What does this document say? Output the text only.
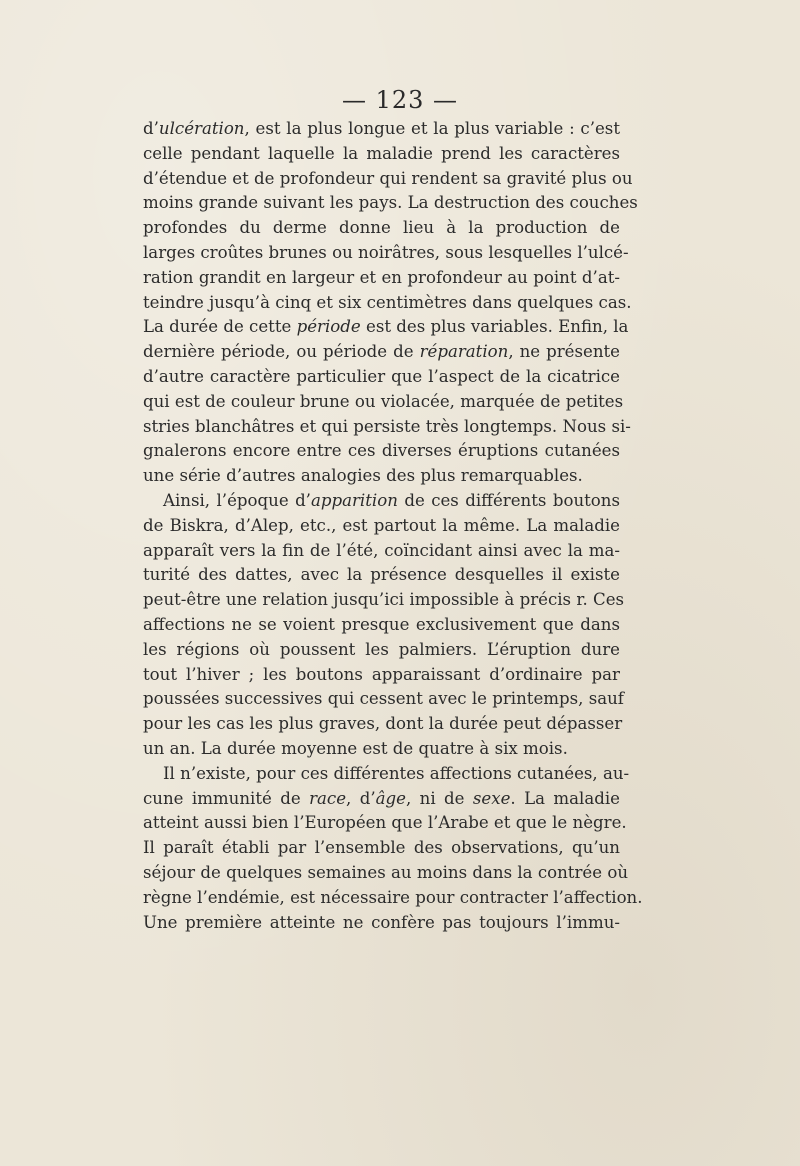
— 123 —
d’ulcération, est la plus longue et la plus variable : c’est
celle pendant laquelle la maladie prend les caractères
d’étendue et de profondeur qui rendent sa gravité plus ou
moins grande suivant les pays. La destruction des couches
profondes du derme donne lieu à la production de
larges croûtes brunes ou noirâtres, sous lesquelles l’ulcé-
ration grandit en largeur et en profondeur au point d’at-
teindre jusqu’à cinq et six centimètres dans quelques cas.
La durée de cette période est des plus variables. Enfin, la
dernière période, ou période de réparation, ne présente
d’autre caractère particulier que l’aspect de la cicatrice
qui est de couleur brune ou violacée, marquée de petites
stries blanchâtres et qui persiste très longtemps. Nous si-
gnalerons encore entre ces diverses éruptions cutanées
une série d’autres analogies des plus remarquables.
Ainsi, l’époque d’apparition de ces différents boutons
de Biskra, d’Alep, etc., est partout la même. La maladie
apparaît vers la fin de l’été, coïncidant ainsi avec la ma-
turité des dattes, avec la présence desquelles il existe
peut-être une relation jusqu’ici impossible à précis r. Ces
affections ne se voient presque exclusivement que dans
les régions où poussent les palmiers. L’éruption dure
tout l’hiver ; les boutons apparaissant d’ordinaire par
poussées successives qui cessent avec le printemps, sauf
pour les cas les plus graves, dont la durée peut dépasser
un an. La durée moyenne est de quatre à six mois.
Il n’existe, pour ces différentes affections cutanées, au-
cune immunité de race, d’âge, ni de sexe. La maladie
atteint aussi bien l’Européen que l’Arabe et que le nègre.
Il paraît établi par l’ensemble des observations, qu’un
séjour de quelques semaines au moins dans la contrée où
règne l’endémie, est nécessaire pour contracter l’affection.
Une première atteinte ne confère pas toujours l’immu-
